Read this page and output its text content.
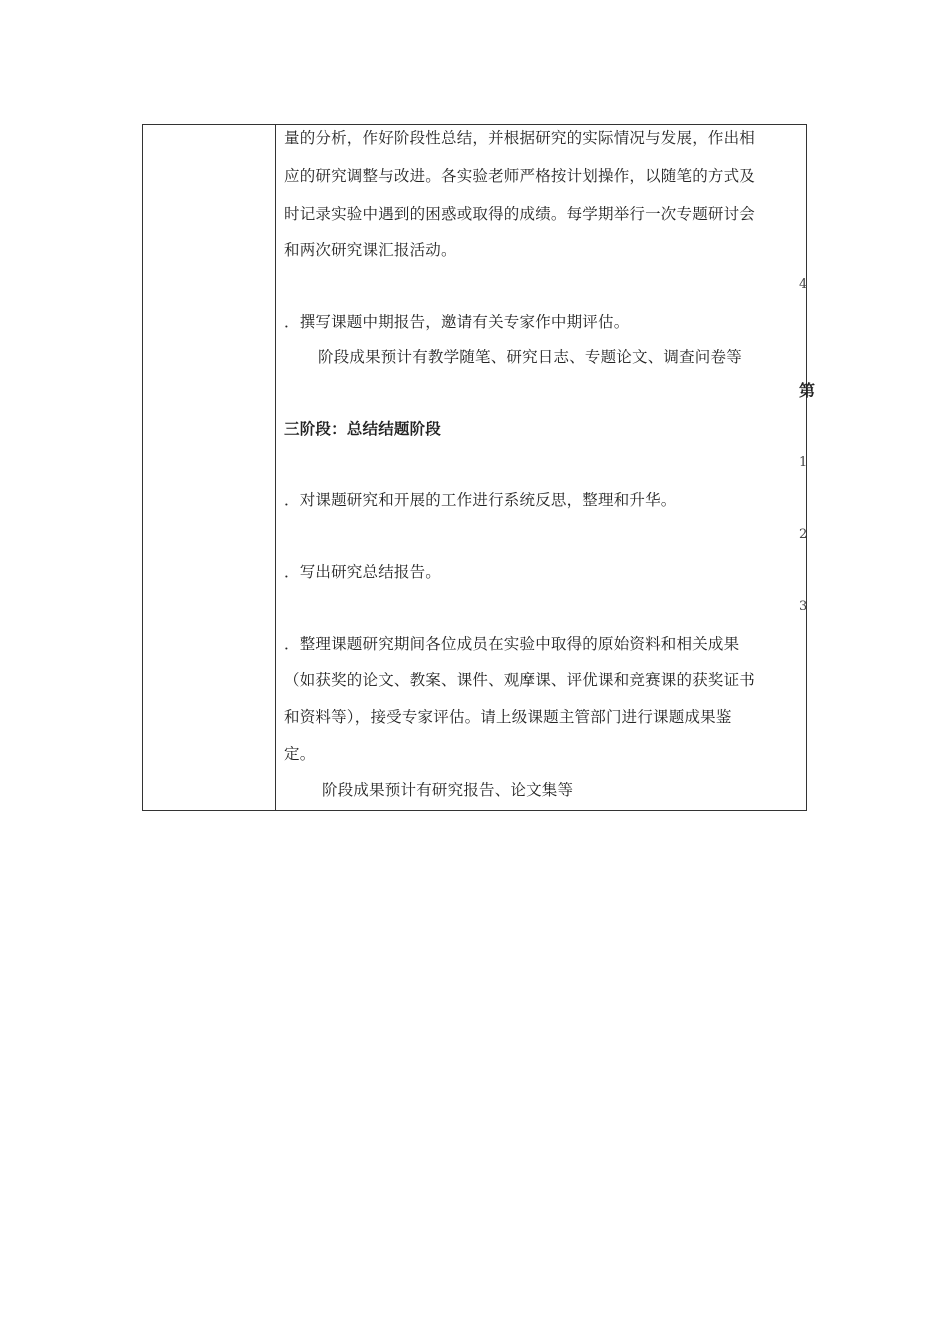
量的分析，作好阶段性总结，并根据研究的实际情况与发展，作出相
应的研究调整与改进。各实验老师严格按计划操作，以随笔的方式及
时记录实验中遇到的困惑或取得的成绩。每学期举行一次专题研讨会
和两次研究课汇报活动。
．撰写课题中期报告，邀请有关专家作中期评估。
阶段成果预计有教学随笔、研究日志、专题论文、调查问卷等
三阶段：总结结题阶段
．对课题研究和开展的工作进行系统反思，整理和升华。
．写出研究总结报告。
．整理课题研究期间各位成员在实验中取得的原始资料和相关成果
（如获奖的论文、教案、课件、观摩课、评优课和竞赛课的获奖证书
和资料等），接受专家评估。请上级课题主管部门进行课题成果鉴
定。
阶段成果预计有研究报告、论文集等
4
第
1
2
3
